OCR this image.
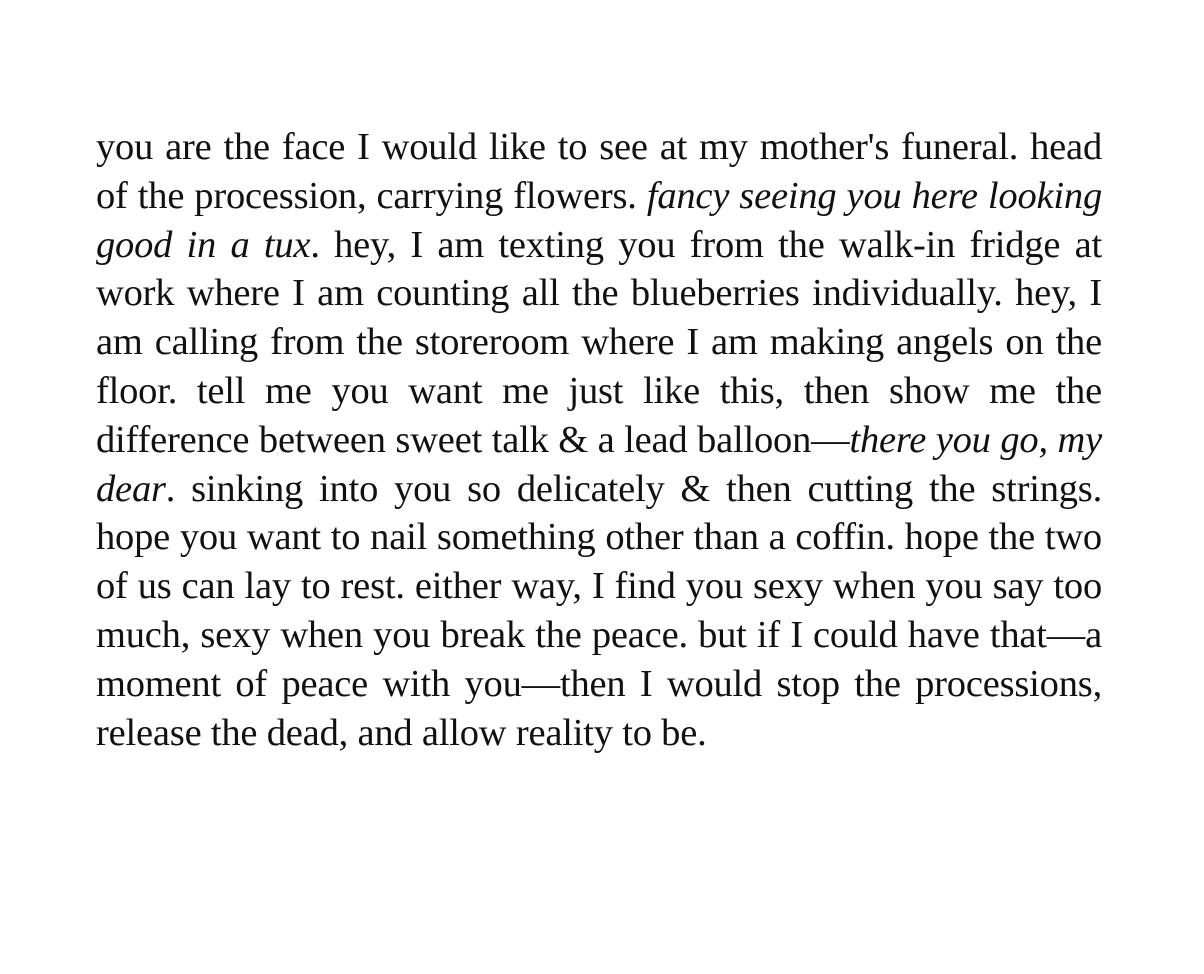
you are the face I would like to see at my mother's funeral. head of the procession, carrying flowers. fancy seeing you here looking good in a tux. hey, I am texting you from the walk-in fridge at work where I am counting all the blueberries individually. hey, I am calling from the storeroom where I am making angels on the floor. tell me you want me just like this, then show me the difference between sweet talk & a lead balloon—there you go, my dear. sinking into you so delicately & then cutting the strings. hope you want to nail something other than a coffin. hope the two of us can lay to rest. either way, I find you sexy when you say too much, sexy when you break the peace. but if I could have that—a moment of peace with you—then I would stop the processions, release the dead, and allow reality to be.
